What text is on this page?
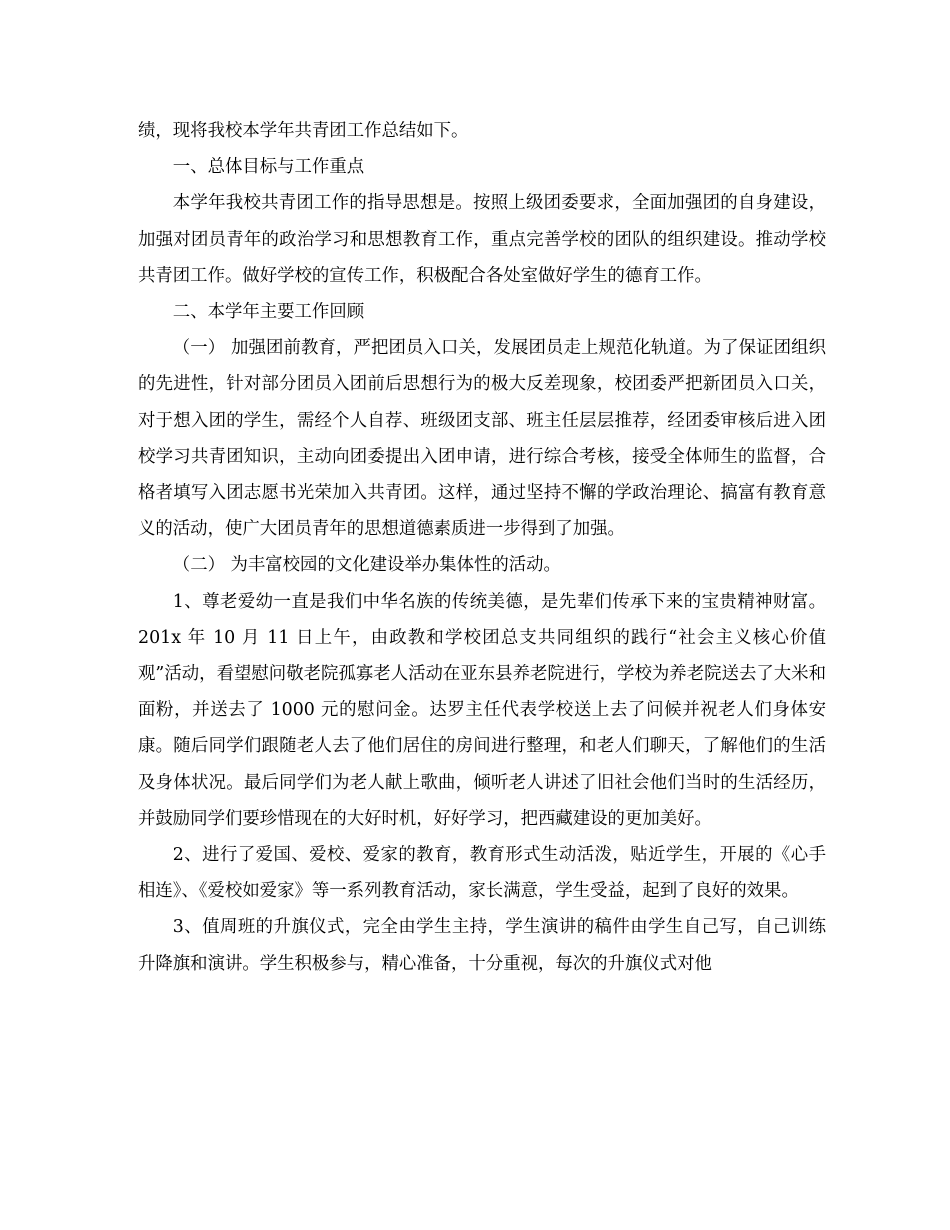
绩，现将我校本学年共青团工作总结如下。

一、总体目标与工作重点

本学年我校共青团工作的指导思想是。按照上级团委要求，全面加强团的自身建设，加强对团员青年的政治学习和思想教育工作，重点完善学校的团队的组织建设。推动学校共青团工作。做好学校的宣传工作，积极配合各处室做好学生的德育工作。

二、本学年主要工作回顾

（一） 加强团前教育，严把团员入口关，发展团员走上规范化轨道。为了保证团组织的先进性，针对部分团员入团前后思想行为的极大反差现象，校团委严把新团员入口关，对于想入团的学生，需经个人自荐、班级团支部、班主任层层推荐，经团委审核后进入团校学习共青团知识，主动向团委提出入团申请，进行综合考核，接受全体师生的监督，合格者填写入团志愿书光荣加入共青团。这样，通过坚持不懈的学政治理论、搞富有教育意义的活动，使广大团员青年的思想道德素质进一步得到了加强。

（二） 为丰富校园的文化建设举办集体性的活动。

1、尊老爱幼一直是我们中华名族的传统美德，是先辈们传承下来的宝贵精神财富。201x 年 10 月 11 日上午，由政教和学校团总支共同组织的践行“社会主义核心价值观”活动，看望慰问敬老院孤寡老人活动在亚东县养老院进行，学校为养老院送去了大米和面粉，并送去了 1000 元的慰问金。达罗主任代表学校送上去了问候并祝老人们身体安康。随后同学们跟随老人去了他们居住的房间进行整理，和老人们聊天，了解他们的生活及身体状况。最后同学们为老人献上歌曲，倾听老人讲述了旧社会他们当时的生活经历，并鼓励同学们要珍惜现在的大好时机，好好学习，把西藏建设的更加美好。

2、进行了爱国、爱校、爱家的教育，教育形式生动活泼，贴近学生，开展的《心手相连》、《爱校如爱家》等一系列教育活动，家长满意，学生受益，起到了良好的效果。

3、值周班的升旗仪式，完全由学生主持，学生演讲的稿件由学生自己写，自己训练升降旗和演讲。学生积极参与，精心准备，十分重视，每次的升旗仪式对他
